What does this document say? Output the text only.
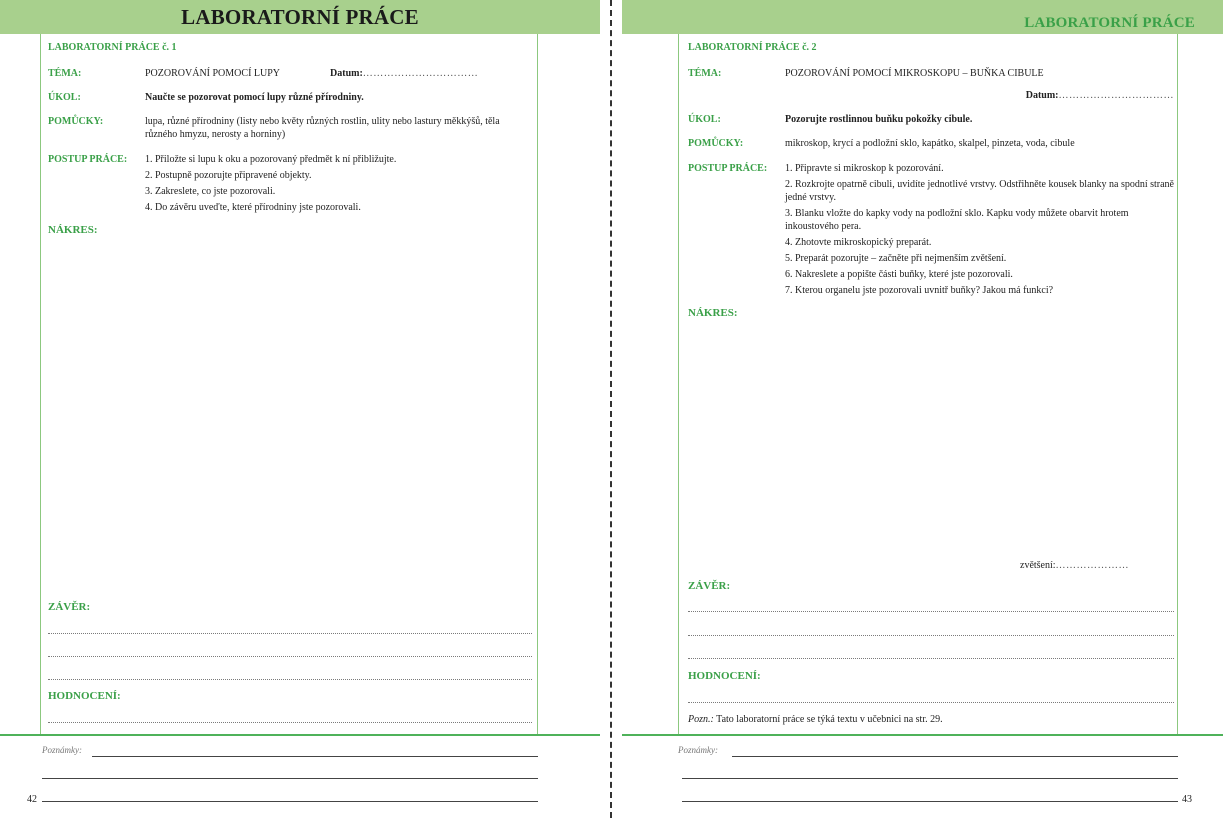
LABORATORNÍ PRÁCE
LABORATORNÍ PRÁCE č. 1
TÉMA:	POZOROVÁNÍ POMOCÍ LUPY	Datum:……………………………
ÚKOL:	Naučte se pozorovat pomocí lupy různé přírodniny.
POMŮCKY:	lupa, různé přírodniny (listy nebo květy různých rostlin, ulity nebo lastury měkkýšů, těla různého hmyzu, nerosty a horniny)
POSTUP PRÁCE:	1. Přiložte si lupu k oku a pozorovaný předmět k ní přibližujte.
2. Postupně pozorujte připravené objekty.
3. Zakreslete, co jste pozorovali.
4. Do závěru uveďte, které přírodniny jste pozorovali.
NÁKRES:
ZÁVĚR:
HODNOCENÍ:
Poznámky:
42
LABORATORNÍ PRÁCE
LABORATORNÍ PRÁCE č. 2
TÉMA:	POZOROVÁNÍ POMOCÍ MIKROSKOPU – BUŇKA CIBULE
Datum:……………………………
ÚKOL:	Pozorujte rostlinnou buňku pokožky cibule.
POMŮCKY:	mikroskop, krycí a podložní sklo, kapátko, skalpel, pinzeta, voda, cibule
POSTUP PRÁCE:	1. Připravte si mikroskop k pozorování.
2. Rozkrojte opatrně cibuli, uvidíte jednotlivé vrstvy. Odstřihněte kousek blanky na spodní straně jedné vrstvy.
3. Blanku vložte do kapky vody na podložní sklo. Kapku vody můžete obarvit hrotem inkoustového pera.
4. Zhotovte mikroskopický preparát.
5. Preparát pozorujte – začněte při nejmenším zvětšení.
6. Nakreslete a popište části buňky, které jste pozorovali.
7. Kterou organelu jste pozorovali uvnitř buňky? Jakou má funkci?
NÁKRES:
zvětšení:…………………
ZÁVĚR:
HODNOCENÍ:
Pozn.: Tato laboratorní práce se týká textu v učebnici na str. 29.
Poznámky:
43
